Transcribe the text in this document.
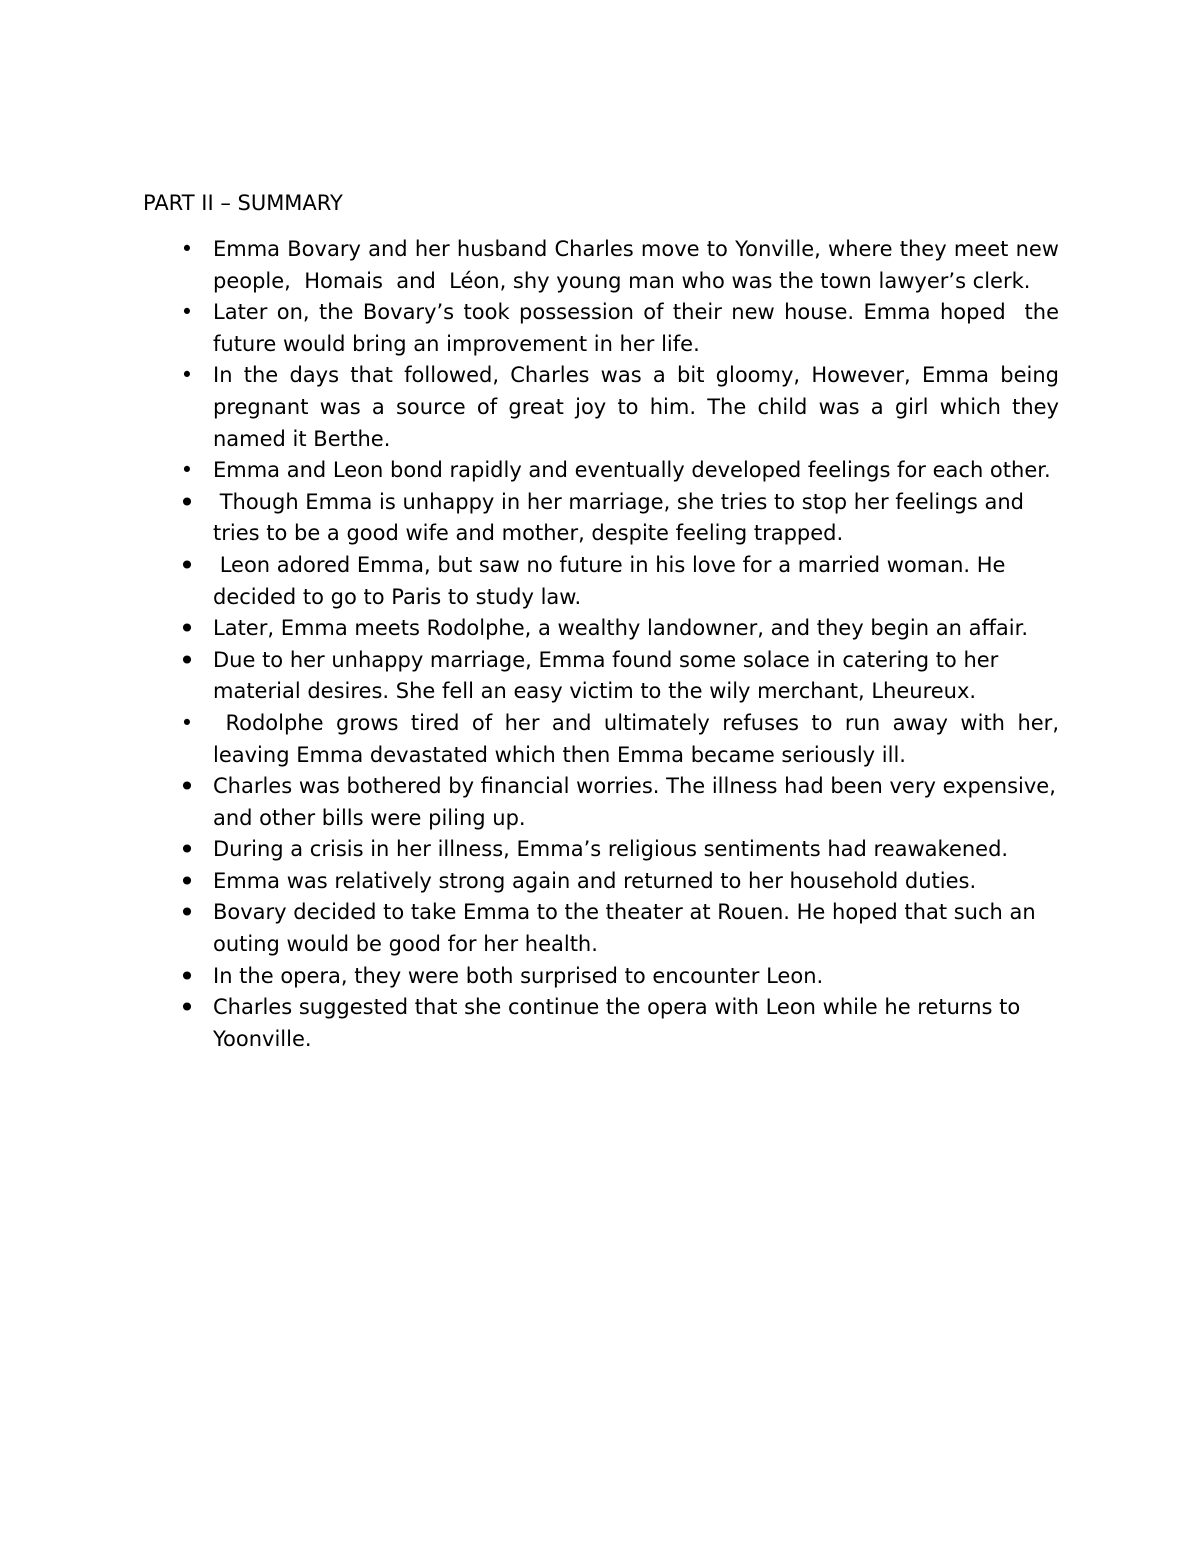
PART II – SUMMARY
• Emma Bovary and her husband Charles move to Yonville, where they meet new people,  Homais  and  Léon, shy young man who was the town lawyer’s clerk.
• Later on, the Bovary’s took possession of their new house. Emma hoped  the future would bring an improvement in her life.
• In the days that followed, Charles was a bit gloomy, However, Emma being pregnant was a source of great joy to him. The child was a girl which they named it Berthe.
• Emma and Leon bond rapidly and eventually developed feelings for each other.
• Though Emma is unhappy in her marriage, she tries to stop her feelings and tries to be a good wife and mother, despite feeling trapped.
• Leon adored Emma, but saw no future in his love for a married woman. He decided to go to Paris to study law.
• Later, Emma meets Rodolphe, a wealthy landowner, and they begin an affair.
• Due to her unhappy marriage, Emma found some solace in catering to her material desires. She fell an easy victim to the wily merchant, Lheureux.
• Rodolphe grows tired of her and ultimately refuses to run away with her, leaving Emma devastated which then Emma became seriously ill.
• Charles was bothered by financial worries. The illness had been very expensive, and other bills were piling up.
• During a crisis in her illness, Emma’s religious sentiments had reawakened.
• Emma was relatively strong again and returned to her household duties.
• Bovary decided to take Emma to the theater at Rouen. He hoped that such an outing would be good for her health.
• In the opera, they were both surprised to encounter Leon.
• Charles suggested that she continue the opera with Leon while he returns to Yoonville.
